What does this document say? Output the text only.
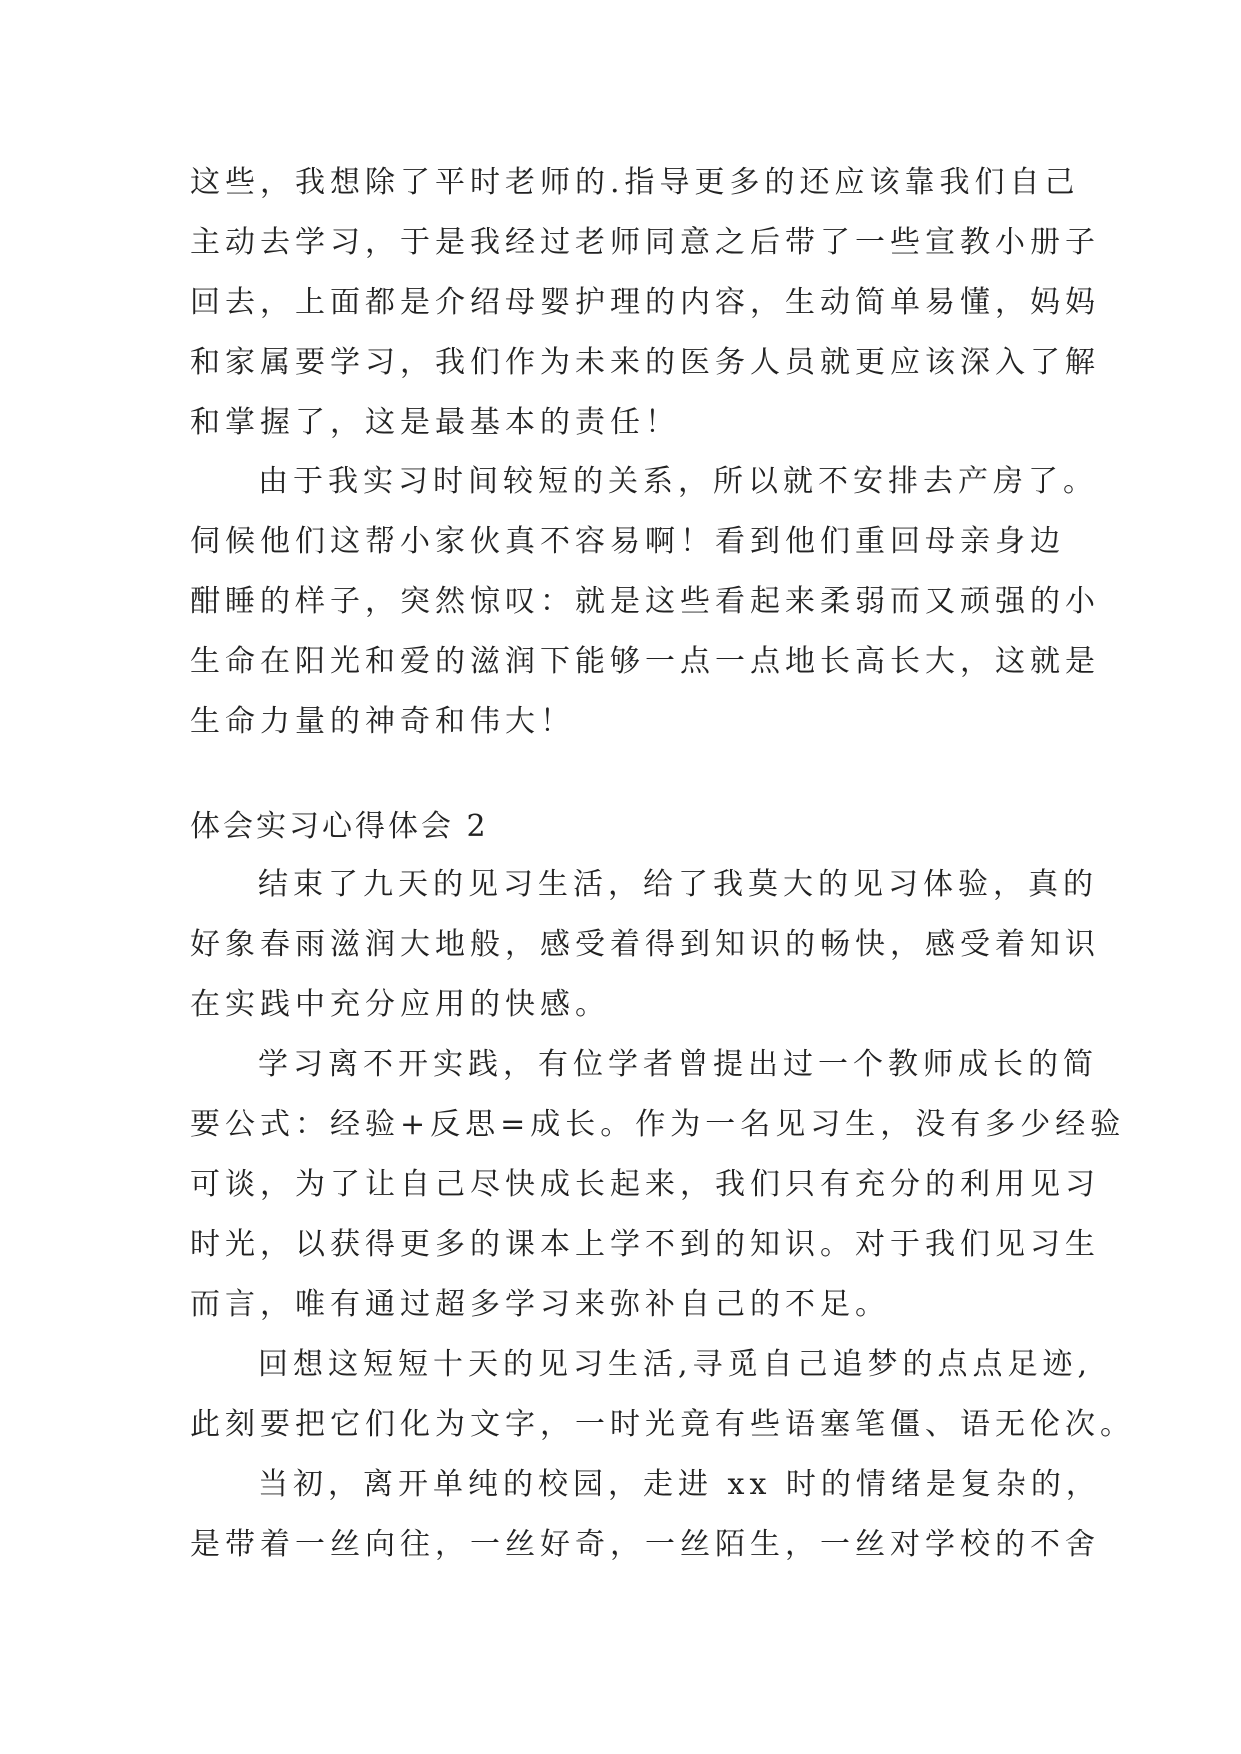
这些，我想除了平时老师的.指导更多的还应该靠我们自己
主动去学习，于是我经过老师同意之后带了一些宣教小册子
回去，上面都是介绍母婴护理的内容，生动简单易懂，妈妈
和家属要学习，我们作为未来的医务人员就更应该深入了解
和掌握了，这是最基本的责任！
由于我实习时间较短的关系，所以就不安排去产房了。
伺候他们这帮小家伙真不容易啊！看到他们重回母亲身边
酣睡的样子，突然惊叹：就是这些看起来柔弱而又顽强的小
生命在阳光和爱的滋润下能够一点一点地长高长大，这就是
生命力量的神奇和伟大！
体会实习心得体会 2
结束了九天的见习生活，给了我莫大的见习体验，真的
好象春雨滋润大地般，感受着得到知识的畅快，感受着知识
在实践中充分应用的快感。
学习离不开实践，有位学者曾提出过一个教师成长的简
要公式：经验+反思=成长。作为一名见习生，没有多少经验
可谈，为了让自己尽快成长起来，我们只有充分的利用见习
时光，以获得更多的课本上学不到的知识。对于我们见习生
而言，唯有通过超多学习来弥补自己的不足。
回想这短短十天的见习生活,寻觅自己追梦的点点足迹,
此刻要把它们化为文字，一时光竟有些语塞笔僵、语无伦次。
当初，离开单纯的校园，走进 xx 时的情绪是复杂的，
是带着一丝向往，一丝好奇，一丝陌生，一丝对学校的不舍
